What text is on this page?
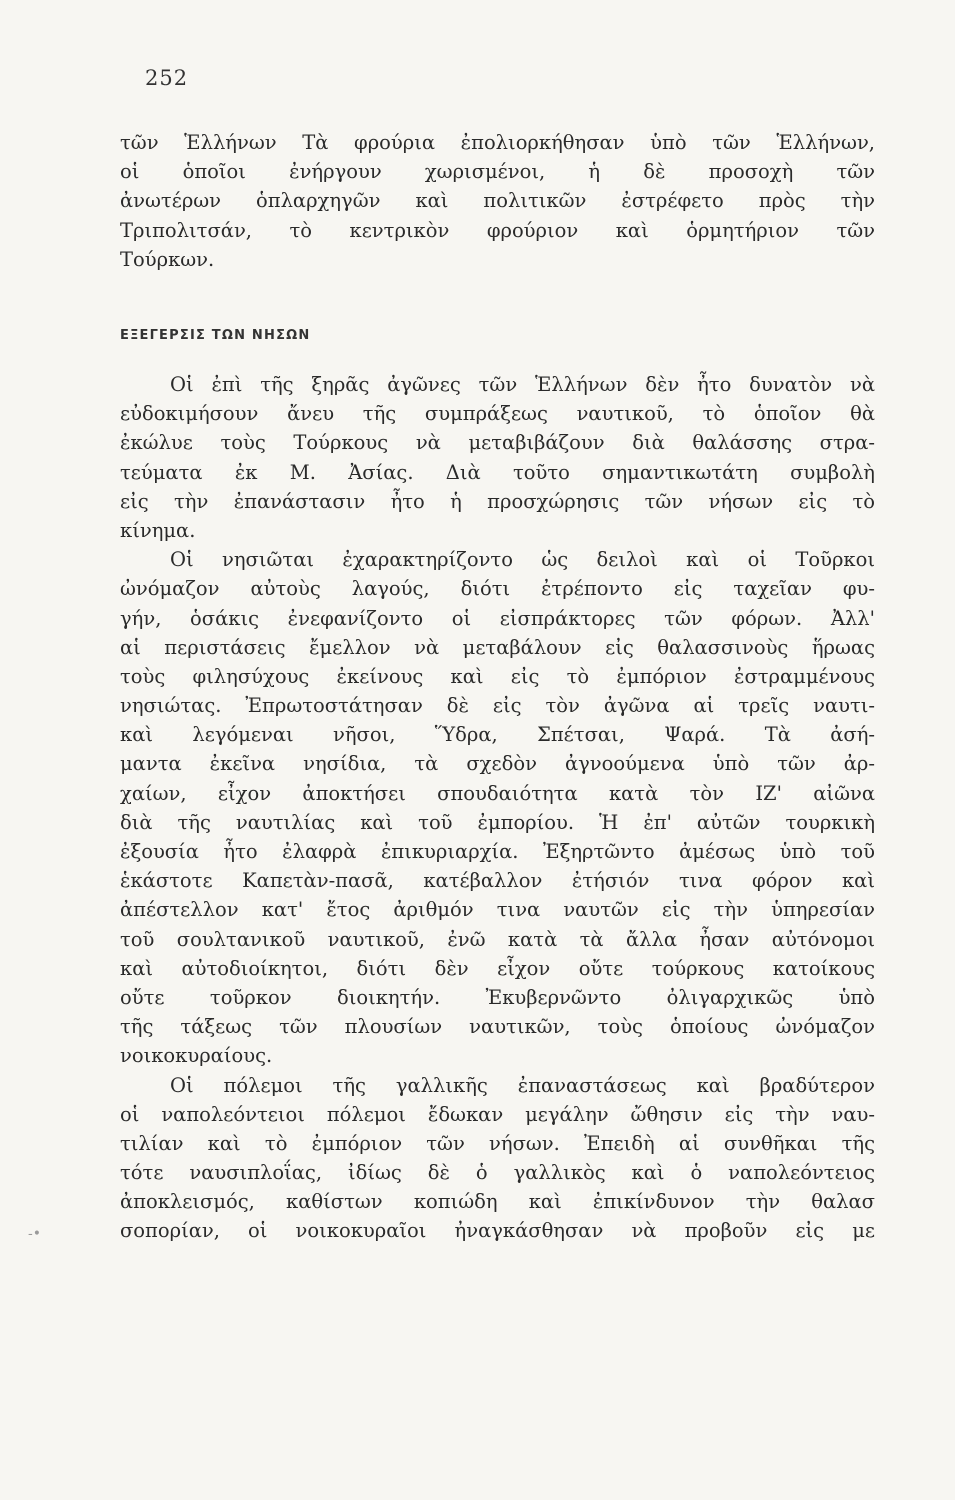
252
τῶν Ἑλλήνων Τὰ φρούρια ἐπολιορκήθησαν ὑπὸ τῶν Ἑλλήνων,
οἱ ὁποῖοι ἐνήργουν χωρισμένοι, ἡ δὲ προσοχὴ τῶν
ἀνωτέρων ὁπλαρχηγῶν καὶ πολιτικῶν ἐστρέφετο πρὸς τὴν
Τριπολιτσάν, τὸ κεντρικὸν φρούριον καὶ ὁρμητήριον τῶν
Τούρκων.
ΕΞΕΓΕΡΣΙΣ ΤΩΝ ΝΗΣΩΝ
Οἱ ἐπὶ τῆς ξηρᾶς ἀγῶνες τῶν Ἑλλήνων δὲν ἦτο δυνατὸν νὰ
εὐδοκιμήσουν ἄνευ τῆς συμπράξεως ναυτικοῦ, τὸ ὁποῖον θὰ
ἐκώλυε τοὺς Τούρκους νὰ μεταβιβάζουν διὰ θαλάσσης στρα-
τεύματα ἐκ Μ. Ἀσίας. Διὰ τοῦτο σημαντικωτάτη συμβολὴ
εἰς τὴν ἐπανάστασιν ἦτο ἡ προσχώρησις τῶν νήσων εἰς τὸ
κίνημα.
Οἱ νησιῶται ἐχαρακτηρίζοντο ὡς δειλοὶ καὶ οἱ Τοῦρκοι
ὠνόμαζον αὐτοὺς λαγούς, διότι ἐτρέποντο εἰς ταχεῖαν φυ-
γήν, ὁσάκις ἐνεφανίζοντο οἱ εἰσπράκτορες τῶν φόρων. Ἀλλ'
αἱ περιστάσεις ἔμελλον νὰ μεταβάλουν εἰς θαλασσινοὺς ἥρωας
τοὺς φιλησύχους ἐκείνους καὶ εἰς τὸ ἐμπόριον ἐστραμμένους
νησιώτας. Ἐπρωτοστάτησαν δὲ εἰς τὸν ἀγῶνα αἱ τρεῖς ναυτι-
καὶ λεγόμεναι νῆσοι, Ὕδρα, Σπέτσαι, Ψαρά. Τὰ ἀσή-
μαντα ἐκεῖνα νησίδια, τὰ σχεδὸν ἀγνοούμενα ὑπὸ τῶν ἀρ-
χαίων, εἶχον ἀποκτήσει σπουδαιότητα κατὰ τὸν ΙΖ' αἰῶνα
διὰ τῆς ναυτιλίας καὶ τοῦ ἐμπορίου. Ἡ ἐπ' αὐτῶν τουρκικὴ
ἐξουσία ἦτο ἐλαφρὰ ἐπικυριαρχία. Ἐξηρτῶντο ἀμέσως ὑπὸ τοῦ
ἑκάστοτε Καπετὰν-πασᾶ, κατέβαλλον ἐτήσιόν τινα φόρον καὶ
ἀπέστελλον κατ' ἔτος ἀριθμόν τινα ναυτῶν εἰς τὴν ὑπηρεσίαν
τοῦ σουλτανικοῦ ναυτικοῦ, ἐνῶ κατὰ τὰ ἄλλα ἦσαν αὐτόνομοι
καὶ αὐτοδιοίκητοι, διότι δὲν εἶχον οὔτε τούρκους κατοίκους
οὔτε τοῦρκον διοικητήν. Ἐκυβερνῶντο ὀλιγαρχικῶς ὑπὸ
τῆς τάξεως τῶν πλουσίων ναυτικῶν, τοὺς ὁποίους ὠνόμαζον
νοικοκυραίους.
Οἱ πόλεμοι τῆς γαλλικῆς ἐπαναστάσεως καὶ βραδύτερον
οἱ ναπολεόντειοι πόλεμοι ἔδωκαν μεγάλην ὤθησιν εἰς τὴν ναυ-
τιλίαν καὶ τὸ ἐμπόριον τῶν νήσων. Ἐπειδὴ αἱ συνθῆκαι τῆς
τότε ναυσιπλοΐας, ἰδίως δὲ ὁ γαλλικὸς καὶ ὁ ναπολεόντειος
ἀποκλεισμός, καθίστων κοπιώδη καὶ ἐπικίνδυνον τὴν θαλασ
σοπορίαν, οἱ νοικοκυραῖοι ἠναγκάσθησαν νὰ προβοῦν εἰς με
-•
